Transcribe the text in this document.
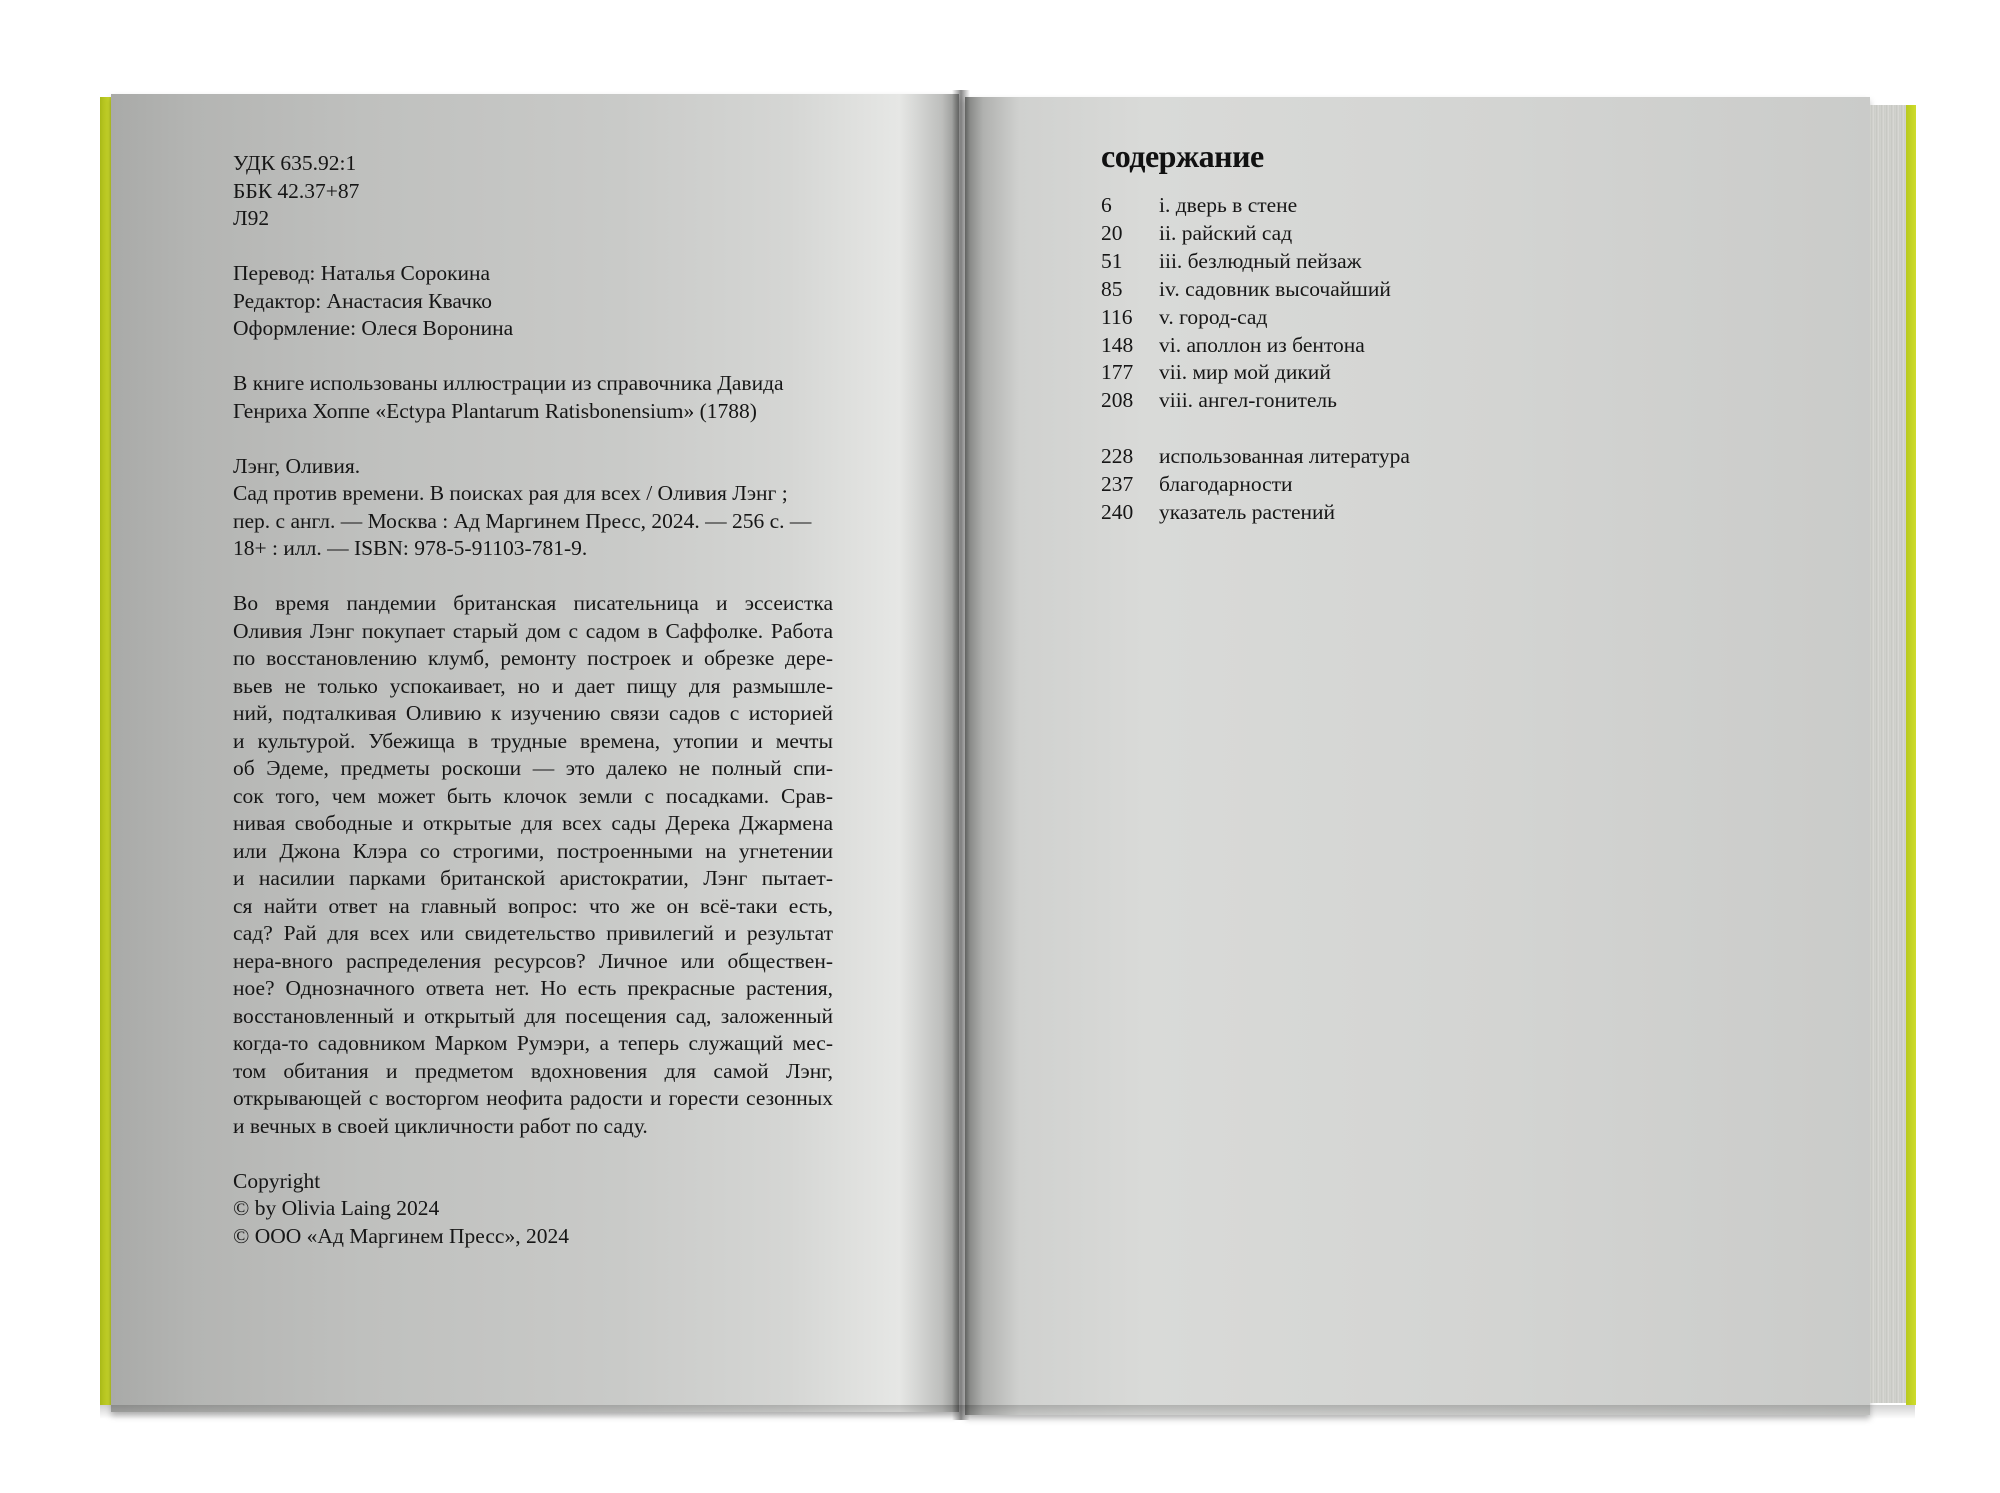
УДК 635.92:1
ББК 42.37+87
Л92
Перевод: Наталья Сорокина
Редактор: Анастасия Квачко
Оформление: Олеся Воронина
В книге использованы иллюстрации из справочника Давида
Генриха Хоппе «Ectypa Plantarum Ratisbonensium» (1788)
Лэнг, Оливия.
Сад против времени. В поисках рая для всех / Оливия Лэнг ;
пер. с англ. — Москва : Ад Маргинем Пресс, 2024. — 256 с. —
18+ : илл. — ISBN: 978-5-91103-781-9.
Во время пандемии британская писательница и эссеистка
Оливия Лэнг покупает старый дом с садом в Саффолке. Работа
по восстановлению клумб, ремонту построек и обрезке дере-
вьев не только успокаивает, но и дает пищу для размышле-
ний, подталкивая Оливию к изучению связи садов с историей
и культурой. Убежища в трудные времена, утопии и мечты
об Эдеме, предметы роскоши — это далеко не полный спи-
сок того, чем может быть клочок земли с посадками. Срав-
нивая свободные и открытые для всех сады Дерека Джармена
или Джона Клэра со строгими, построенными на угнетении
и насилии парками британской аристократии, Лэнг пытает-
ся найти ответ на главный вопрос: что же он всё-таки есть,
сад? Рай для всех или свидетельство привилегий и результат
нера-вного распределения ресурсов? Личное или обществен-
ное? Однозначного ответа нет. Но есть прекрасные растения,
восстановленный и открытый для посещения сад, заложенный
когда-то садовником Марком Румэри, а теперь служащий мес-
том обитания и предметом вдохновения для самой Лэнг,
открывающей с восторгом неофита радости и горести сезонных
и вечных в своей цикличности работ по саду.
Copyright
© by Olivia Laing 2024
© ООО «Ад Маргинем Пресс», 2024
содержание
6 i. дверь в стене
20 ii. райский сад
51 iii. безлюдный пейзаж
85 iv. садовник высочайший
116 v. город-сад
148 vi. аполлон из бентона
177 vii. мир мой дикий
208 viii. ангел-гонитель
228 использованная литература
237 благодарности
240 указатель растений
